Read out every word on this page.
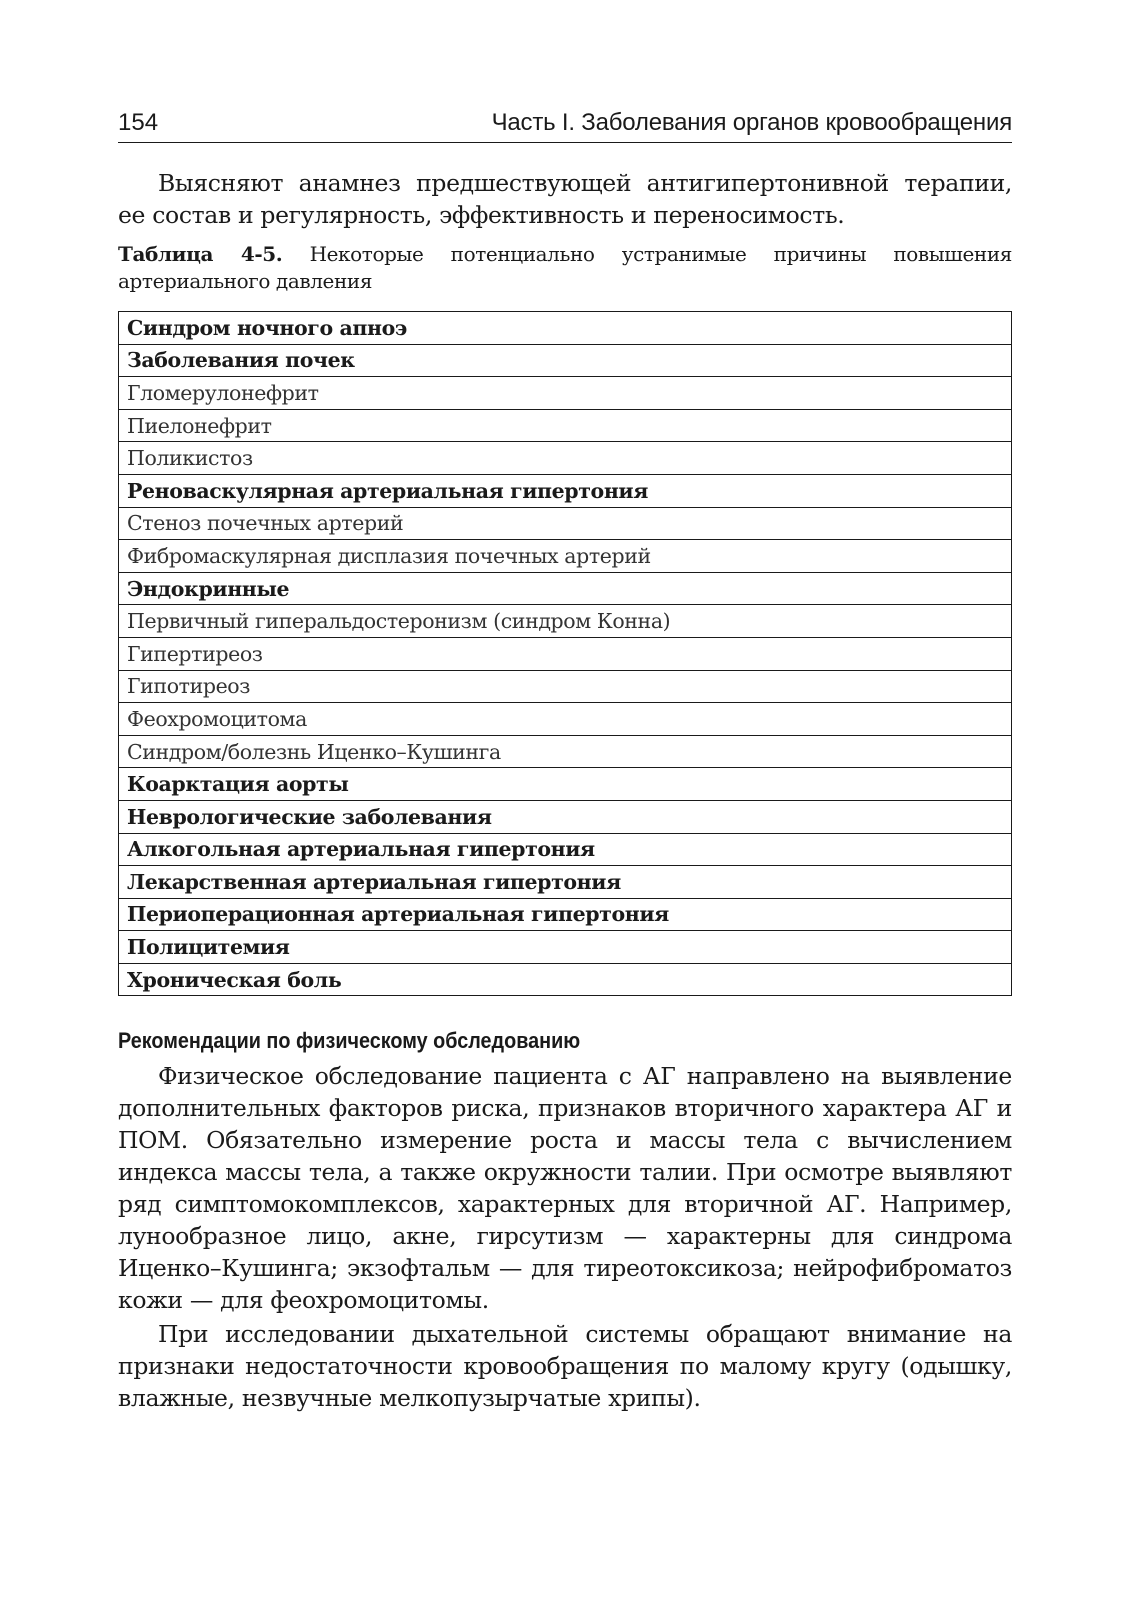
154	Часть I. Заболевания органов кровообращения

Выясняют анамнез предшествующей антигипертонивной терапии, ее состав и регулярность, эффективность и переносимость.

Таблица 4-5. Некоторые потенциально устранимые причины повышения артериального давления
Синдром ночного апноэ
Заболевания почек
Гломерулонефрит
Пиелонефрит
Поликистоз
Реноваскулярная артериальная гипертония
Стеноз почечных артерий
Фибромаскулярная дисплазия почечных артерий
Эндокринные
Первичный гиперальдостеронизм (синдром Конна)
Гипертиреоз
Гипотиреоз
Феохромоцитома
Синдром/болезнь Иценко–Кушинга
Коарктация аорты
Неврологические заболевания
Алкогольная артериальная гипертония
Лекарственная артериальная гипертония
Периоперационная артериальная гипертония
Полицитемия
Хроническая боль
Рекомендации по физическому обследованию

Физическое обследование пациента с АГ направлено на выявление дополнительных факторов риска, признаков вторичного характера АГ и ПОМ. Обязательно измерение роста и массы тела с вычислением индекса массы тела, а также окружности талии. При осмотре выявляют ряд симптомокомплексов, характерных для вторичной АГ. Например, лунообразное лицо, акне, гирсутизм — характерны для синдрома Иценко–Кушинга; экзофтальм — для тиреотоксикоза; нейрофиброматоз кожи — для феохромоцитомы.

При исследовании дыхательной системы обращают внимание на признаки недостаточности кровообращения по малому кругу (одышку, влажные, незвучные мелкопузырчатые хрипы).
